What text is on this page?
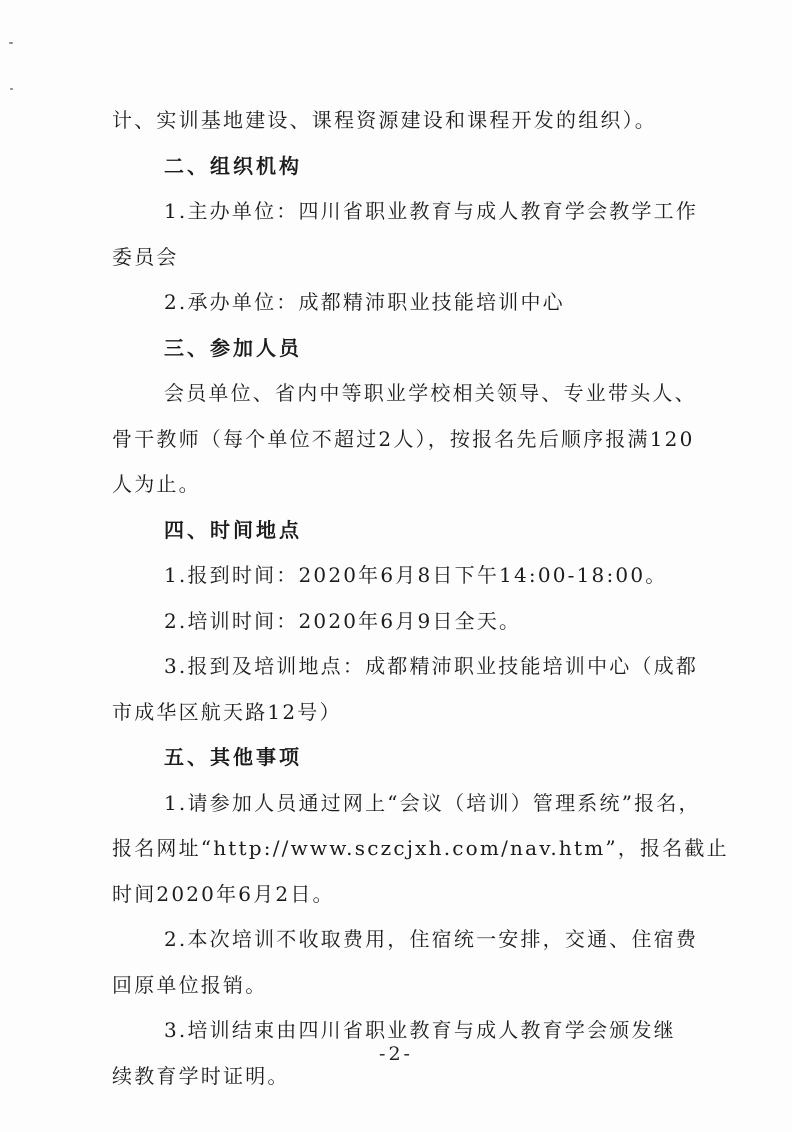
计、实训基地建设、课程资源建设和课程开发的组织）。
二、组织机构
1.主办单位：四川省职业教育与成人教育学会教学工作
委员会
2.承办单位：成都精沛职业技能培训中心
三、参加人员
会员单位、省内中等职业学校相关领导、专业带头人、
骨干教师（每个单位不超过2人），按报名先后顺序报满120
人为止。
四、时间地点
1.报到时间：2020年6月8日下午14:00-18:00。
2.培训时间：2020年6月9日全天。
3.报到及培训地点：成都精沛职业技能培训中心（成都
市成华区航天路12号）
五、其他事项
1.请参加人员通过网上“会议（培训）管理系统”报名，
报名网址“http://www.sczcjxh.com/nav.htm”，报名截止
时间2020年6月2日。
2.本次培训不收取费用，住宿统一安排，交通、住宿费
回原单位报销。
3.培训结束由四川省职业教育与成人教育学会颁发继
续教育学时证明。
-2-
